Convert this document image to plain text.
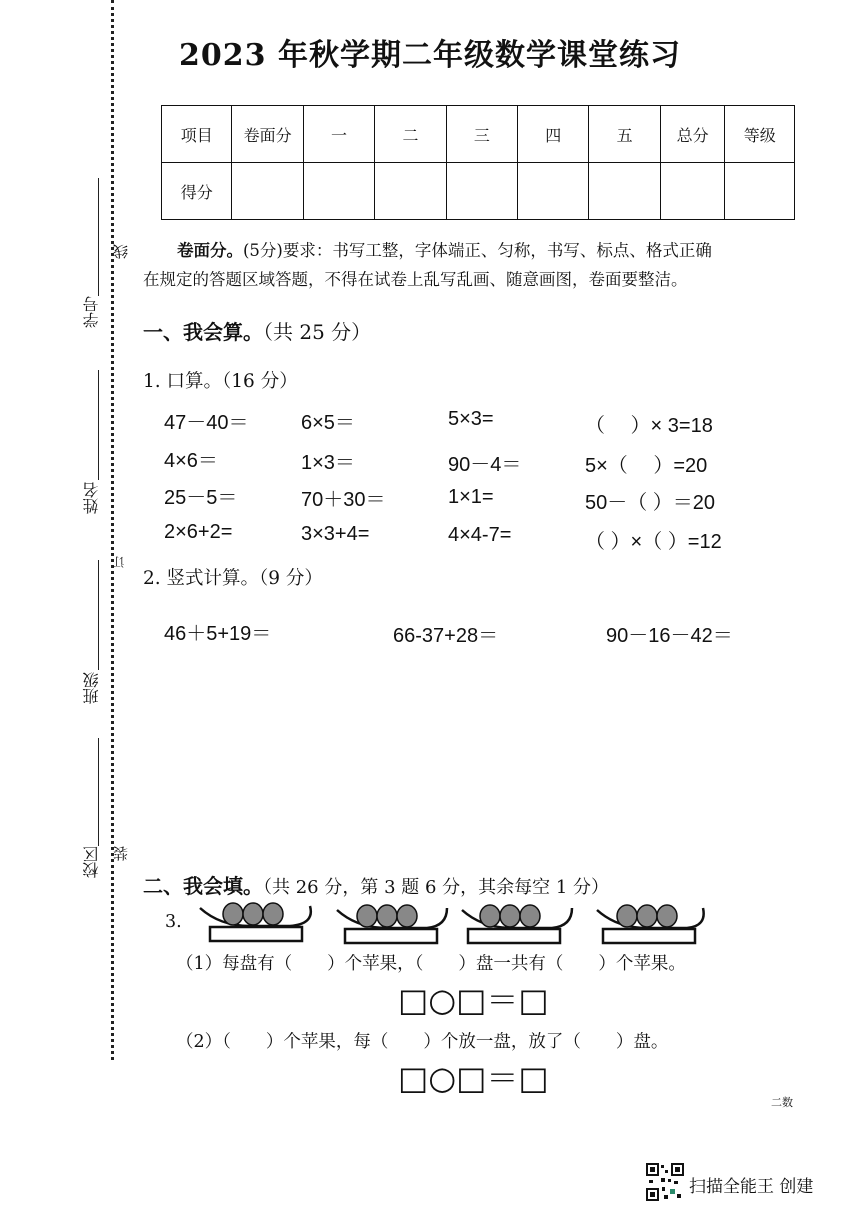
学号
姓名
班级
校区
线
订
装
2023 年秋学期二年级数学课堂练习
项目	卷面分	一	二	三	四	五	总分	等级
得分								
卷面分。(5分)要求：书写工整，字体端正、匀称，书写、标点、格式正确
在规定的答题区域答题，不得在试卷上乱写乱画、随意画图，卷面要整洁。
一、我会算。（共 25 分）
1. 口算。（16 分）
47－40＝	6×5＝	5×3=	（　 ）× 3=18
4×6＝	1×3＝	90－4＝	5×（　 ）=20
25－5＝	70＋30＝	1×1=	50－（ ）＝20
2×6+2=	3×3+4=	4×4-7=	（ ）×（ ）=12
2. 竖式计算。（9 分）
46＋5+19＝	66-37+28＝	90－16－42＝
二、我会填。（共 26 分，第 3 题 6 分，其余每空 1 分）
3.
（1）每盘有（　　）个苹果，（　　）盘一共有（　　）个苹果。
□○□＝□
（2）（　　）个苹果，每（　　）个放一盘，放了（　　）盘。
□○□＝□
二数
扫描全能王 创建
